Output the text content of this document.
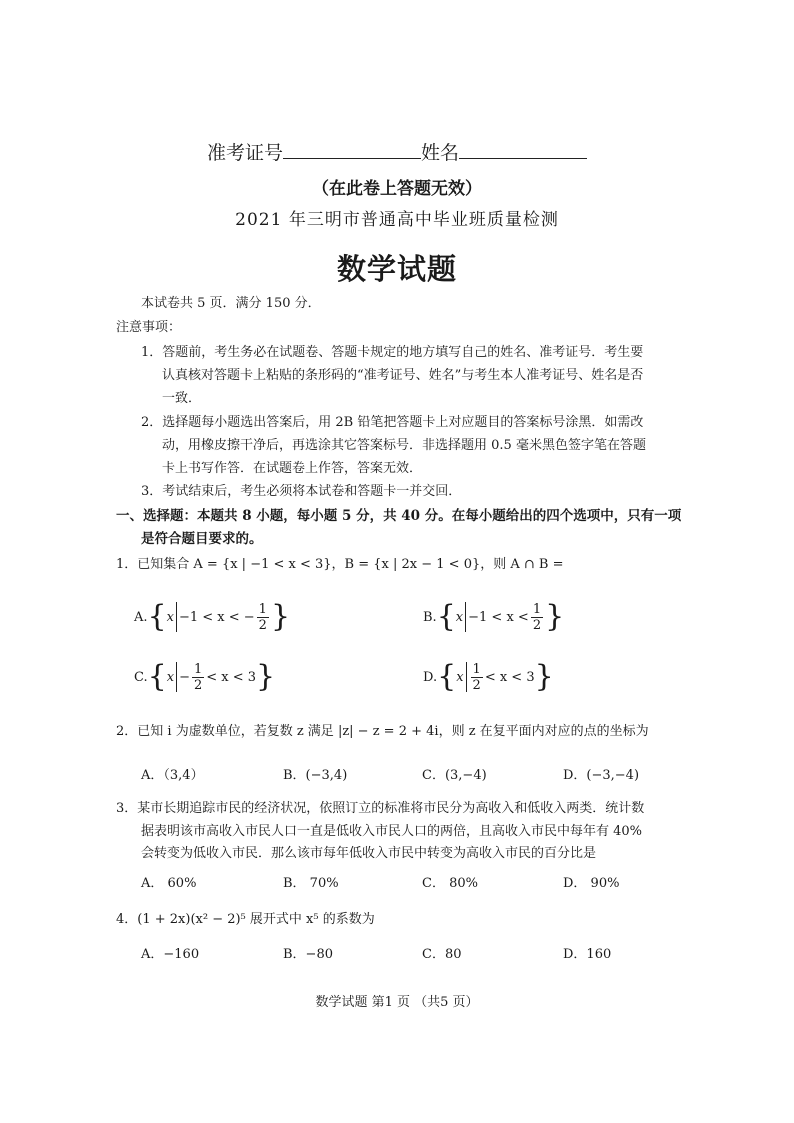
准考证号	姓名
（在此卷上答题无效）
2021 年三明市普通高中毕业班质量检测
数学试题
本试卷共 5 页．满分 150 分．
注意事项：
1．答题前，考生务必在试题卷、答题卡规定的地方填写自己的姓名、准考证号．考生要
认真核对答题卡上粘贴的条形码的“准考证号、姓名”与考生本人准考证号、姓名是否
一致．
2．选择题每小题选出答案后，用 2B 铅笔把答题卡上对应题目的答案标号涂黑．如需改
动，用橡皮擦干净后，再选涂其它答案标号．非选择题用 0.5 毫米黑色签字笔在答题
卡上书写作答．在试题卷上作答，答案无效．
3．考试结束后，考生必须将本试卷和答题卡一并交回．
一、选择题：本题共 8 小题，每小题 5 分，共 40 分。在每小题给出的四个选项中，只有一项
是符合题目要求的。
1．已知集合 A = {x | −1 < x < 3}，B = {x | 2x − 1 < 0}，则 A ∩ B =
A. { x −1 < x < − $\frac{1}{2}$ }	B. { $x -1 < x < \frac{1}{2}$ }
C. { $x - \frac{1}{2} < x < 3$ }	D. { x $\frac{1}{2} < x < 3$ }
2．已知 i 为虚数单位，若复数 z 满足 |z| − z = 2 + 4i，则 z 在复平面内对应的点的坐标为
A．（3,4）	B．(−3,4)	C．(3,−4)	D．(−3,−4)
3．某市长期追踪市民的经济状况，依照订立的标准将市民分为高收入和低收入两类．统计数
据表明该市高收入市民人口一直是低收入市民人口的两倍，且高收入市民中每年有 40%
会转变为低收入市民．那么该市每年低收入市民中转变为高收入市民的百分比是
A． 60%	B． 70%	C． 80%	D． 90%
4．(1 + 2x)(x² − 2)⁵ 展开式中 x⁵ 的系数为
A．−160	B．−80	C．80	D．160
数学试题 第1 页 （共5 页）
